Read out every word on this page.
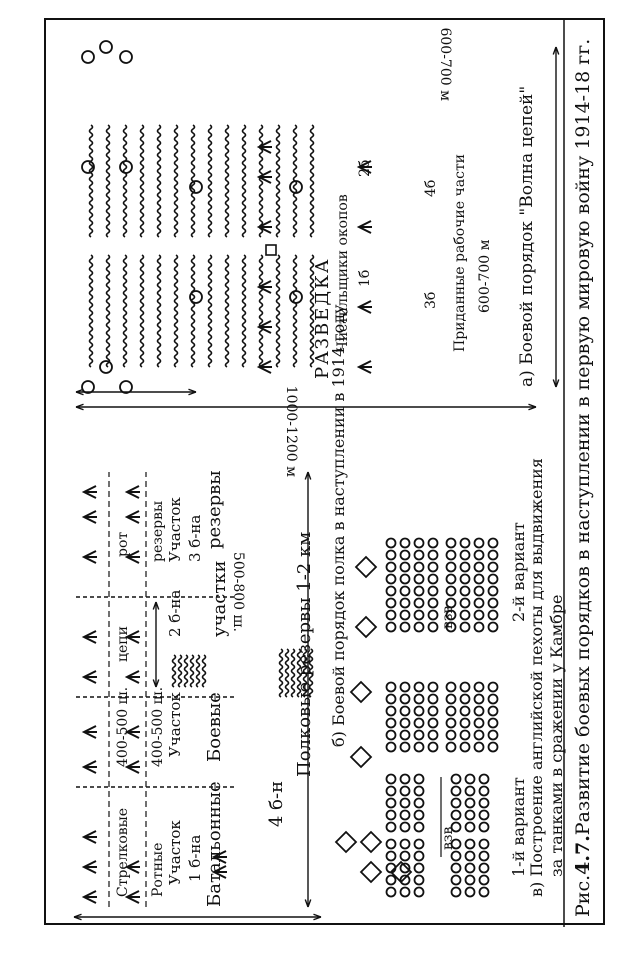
Рис.4.7.Развитие боевых порядков в наступлении в первую мировую войну 1914-18 гг.
а) Боевой порядок "Волна цепей"
РАЗВЕДКА Чистильщики окопов	Приданные рабочие части 600-700 м
600-700 м
1б
2б
3б
4б
б) Боевой порядок полка в наступлении в 1914 году
Стрелковые
цепи
рот
Ротные
400-500 ш.
резервы
Участок 1 б-на
400-500 ш. Участок
2 б-на
Участок 3 б-на
1000-1200 м
500-800 ш.
Батальонные
Боевые
участки
резервы
4 б-н
Полковые резервы 1-2 км	в) Построение английской пехоты для выдвижения за танками в сражении у Камбре
1-й вариант
2-й вариант
взв
взв
